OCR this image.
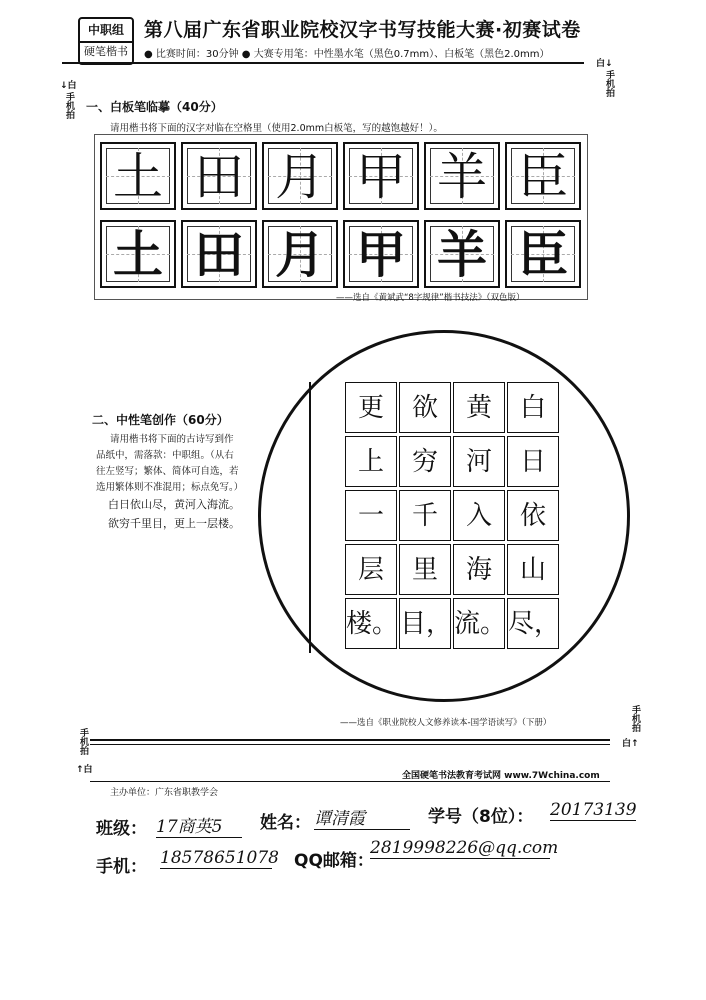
中职组
硬笔楷书
第八届广东省职业院校汉字书写技能大赛·初赛试卷
● 比赛时间：30分钟 ● 大赛专用笔：中性墨水笔（黑色0.7mm）、白板笔（黑色2.0mm）
↓白
手机拍
白↓
手机拍
手机拍
↑白
手机拍
白↑
一、白板笔临摹（40分）
请用楷书将下面的汉字对临在空格里（使用2.0mm白板笔，写的越饱越好！）。
土 田 月 甲 羊 臣
土 田 月 甲 羊 臣
——选自《黄斌武“8字规律”楷书技法》（双色版）
二、中性笔创作（60分）
请用楷书将下面的古诗写到作
品纸中，需落款：中职组。（从右
往左竖写；繁体、简体可自选，若
选用繁体则不准混用；标点免写。）
白日依山尽，黄河入海流。
欲穷千里目，更上一层楼。
更
上
一
层
楼。
欲
穷
千
里
目，
黄
河
入
海
流。
白
日
依
山
尽，
——选自《职业院校人文修养读本-国学语读写》（下册）
全国硬笔书法教育考试网 www.7Wchina.com
主办单位：广东省职教学会
班级： 17商英5	姓名： 谭清霞	学号（8位）： 20173139
手机： 18578651078 QQ邮箱：
2819998226@qq.com
